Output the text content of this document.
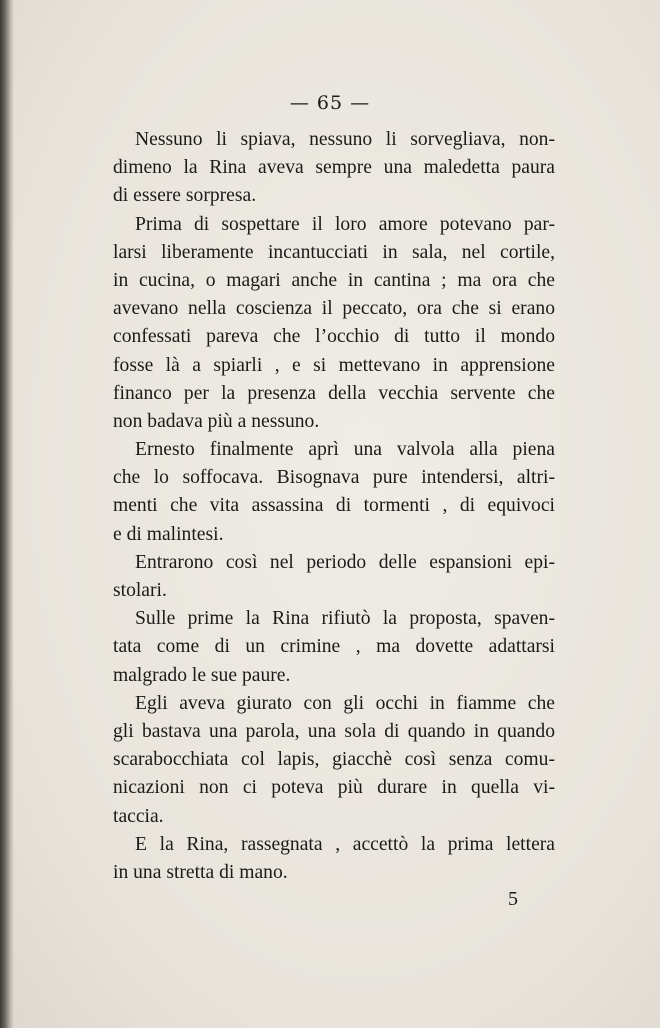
— 65 —
Nessuno li spiava, nessuno li sorvegliava, non-
dimeno la Rina aveva sempre una maledetta paura
di essere sorpresa.
Prima di sospettare il loro amore potevano par-
larsi liberamente incantucciati in sala, nel cortile,
in cucina, o magari anche in cantina ; ma ora che
avevano nella coscienza il peccato, ora che si erano
confessati pareva che l’occhio di tutto il mondo
fosse là a spiarli , e si mettevano in apprensione
financo per la presenza della vecchia servente che
non badava più a nessuno.
Ernesto finalmente aprì una valvola alla piena
che lo soffocava. Bisognava pure intendersi, altri-
menti che vita assassina di tormenti , di equivoci
e di malintesi.
Entrarono così nel periodo delle espansioni epi-
stolari.
Sulle prime la Rina rifiutò la proposta, spaven-
tata come di un crimine , ma dovette adattarsi
malgrado le sue paure.
Egli aveva giurato con gli occhi in fiamme che
gli bastava una parola, una sola di quando in quando
scarabocchiata col lapis, giacchè così senza comu-
nicazioni non ci poteva più durare in quella vi-
taccia.
E la Rina, rassegnata , accettò la prima lettera
in una stretta di mano.
5
